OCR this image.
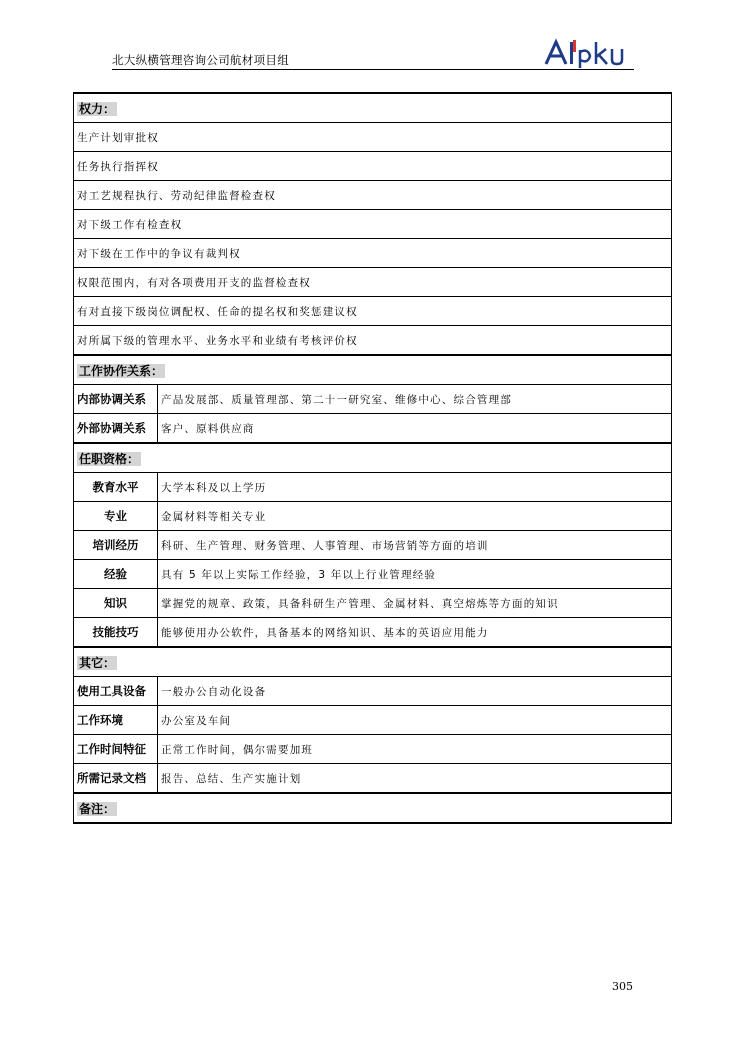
北大纵横管理咨询公司航材项目组
权力：	
生产计划审批权	
任务执行指挥权	
对工艺规程执行、劳动纪律监督检查权	
对下级工作有检查权	
对下级在工作中的争议有裁判权	
权限范围内，有对各项费用开支的监督检查权	
有对直接下级岗位调配权、任命的提名权和奖惩建议权	
对所属下级的管理水平、业务水平和业绩有考核评价权	
工作协作关系：	
内部协调关系	产品发展部、质量管理部、第二十一研究室、维修中心、综合管理部
外部协调关系	客户、原料供应商
任职资格：	
教育水平	大学本科及以上学历
专业	金属材料等相关专业
培训经历	科研、生产管理、财务管理、人事管理、市场营销等方面的培训
经验	具有 5 年以上实际工作经验，3 年以上行业管理经验
知识	掌握党的规章、政策，具备科研生产管理、金属材料、真空熔炼等方面的知识
技能技巧	能够使用办公软件，具备基本的网络知识、基本的英语应用能力
其它：	
使用工具设备	一般办公自动化设备
工作环境	办公室及车间
工作时间特征	正常工作时间，偶尔需要加班
所需记录文档	报告、总结、生产实施计划
备注：	
305
